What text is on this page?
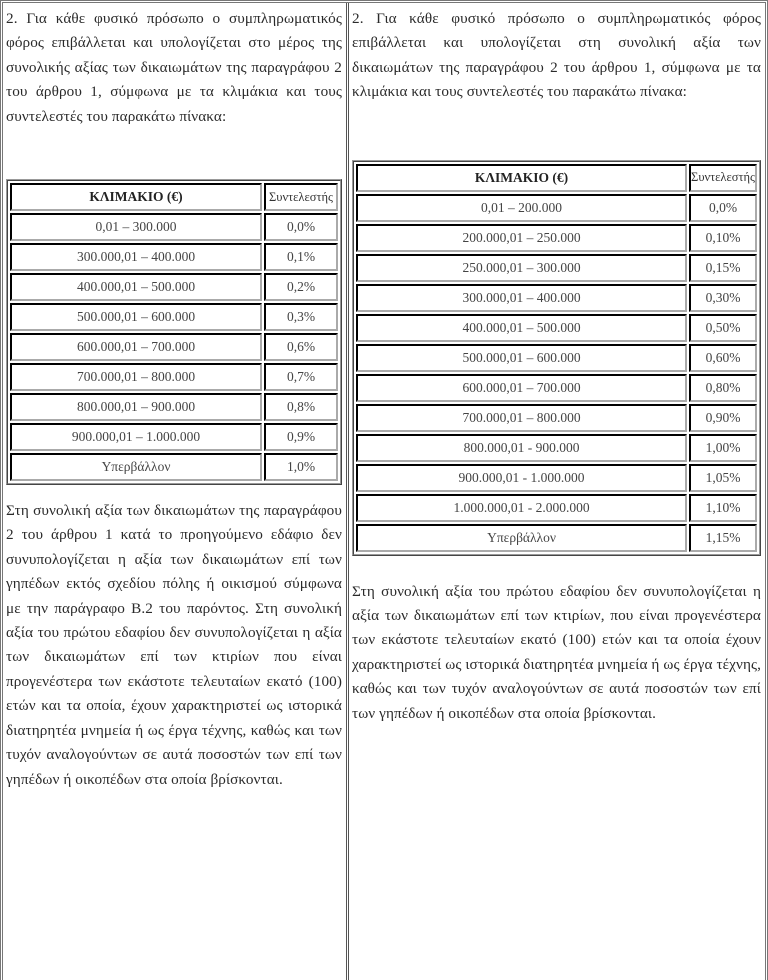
2. Για κάθε φυσικό πρόσωπο ο συμπληρωματικός φόρος επιβάλλεται και υπολογίζεται στο μέρος της συνολικής αξίας των δικαιωμάτων της παραγράφου 2 του άρθρου 1, σύμφωνα με τα κλιμάκια και τους συντελεστές του παρακάτω πίνακα:

ΚΛΙΜΑΚΙΟ (€)	Συντελεστής
0,01 – 300.000	0,0%
300.000,01 – 400.000	0,1%
400.000,01 – 500.000	0,2%
500.000,01 – 600.000	0,3%
600.000,01 – 700.000	0,6%
700.000,01 – 800.000	0,7%
800.000,01 – 900.000	0,8%
900.000,01 – 1.000.000	0,9%
Υπερβάλλον	1,0%

Στη συνολική αξία των δικαιωμάτων της παραγράφου 2 του άρθρου 1 κατά το προηγούμενο εδάφιο δεν συνυπολογίζεται η αξία των δικαιωμάτων επί των γηπέδων εκτός σχεδίου πόλης ή οικισμού σύμφωνα με την παράγραφο Β.2 του παρόντος. Στη συνολική αξία του πρώτου εδαφίου δεν συνυπολογίζεται η αξία των δικαιωμάτων επί των κτιρίων που είναι προγενέστερα των εκάστοτε τελευταίων εκατό (100) ετών και τα οποία, έχουν χαρακτηριστεί ως ιστορικά διατηρητέα μνημεία ή ως έργα τέχνης, καθώς και των τυχόν αναλογούντων σε αυτά ποσοστών των επί των γηπέδων ή οικοπέδων στα οποία βρίσκονται.

2. Για κάθε φυσικό πρόσωπο ο συμπληρωματικός φόρος επιβάλλεται και υπολογίζεται στη συνολική αξία των δικαιωμάτων της παραγράφου 2 του άρθρου 1, σύμφωνα με τα κλιμάκια και τους συντελεστές του παρακάτω πίνακα:

ΚΛΙΜΑΚΙΟ (€)	Συντελεστής
0,01 – 200.000	0,0%
200.000,01 – 250.000	0,10%
250.000,01 – 300.000	0,15%
300.000,01 – 400.000	0,30%
400.000,01 – 500.000	0,50%
500.000,01 – 600.000	0,60%
600.000,01 – 700.000	0,80%
700.000,01 – 800.000	0,90%
800.000,01 - 900.000	1,00%
900.000,01 - 1.000.000	1,05%
1.000.000,01 - 2.000.000	1,10%
Υπερβάλλον	1,15%

Στη συνολική αξία του πρώτου εδαφίου δεν συνυπολογίζεται η αξία των δικαιωμάτων επί των κτιρίων, που είναι προγενέστερα των εκάστοτε τελευταίων εκατό (100) ετών και τα οποία έχουν χαρακτηριστεί ως ιστορικά διατηρητέα μνημεία ή ως έργα τέχνης, καθώς και των τυχόν αναλογούντων σε αυτά ποσοστών των επί των γηπέδων ή οικοπέδων στα οποία βρίσκονται.
